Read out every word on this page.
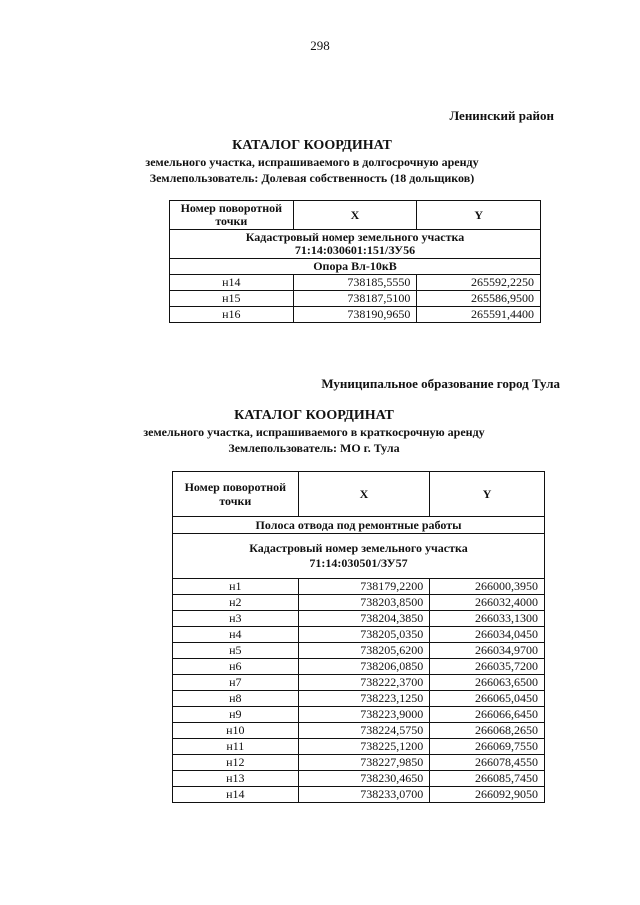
298
Ленинский район
КАТАЛОГ КООРДИНАТ
земельного участка, испрашиваемого в долгосрочную аренду
Землепользователь: Долевая собственность (18 дольщиков)
Номер поворотной точки	X	Y
Кадастровый номер земельного участка
71:14:030601:151/ЗУ56		
Опора Вл-10кВ		
н14	738185,5550	265592,2250
н15	738187,5100	265586,9500
н16	738190,9650	265591,4400
Муниципальное образование город Тула
КАТАЛОГ КООРДИНАТ
земельного участка, испрашиваемого в краткосрочную аренду
Землепользователь: МО г. Тула
Номер поворотной точки	X	Y
Полоса отвода под ремонтные работы		
Кадастровый номер земельного участка
71:14:030501/ЗУ57		
н1	738179,2200	266000,3950
н2	738203,8500	266032,4000
н3	738204,3850	266033,1300
н4	738205,0350	266034,0450
н5	738205,6200	266034,9700
н6	738206,0850	266035,7200
н7	738222,3700	266063,6500
н8	738223,1250	266065,0450
н9	738223,9000	266066,6450
н10	738224,5750	266068,2650
н11	738225,1200	266069,7550
н12	738227,9850	266078,4550
н13	738230,4650	266085,7450
н14	738233,0700	266092,9050
